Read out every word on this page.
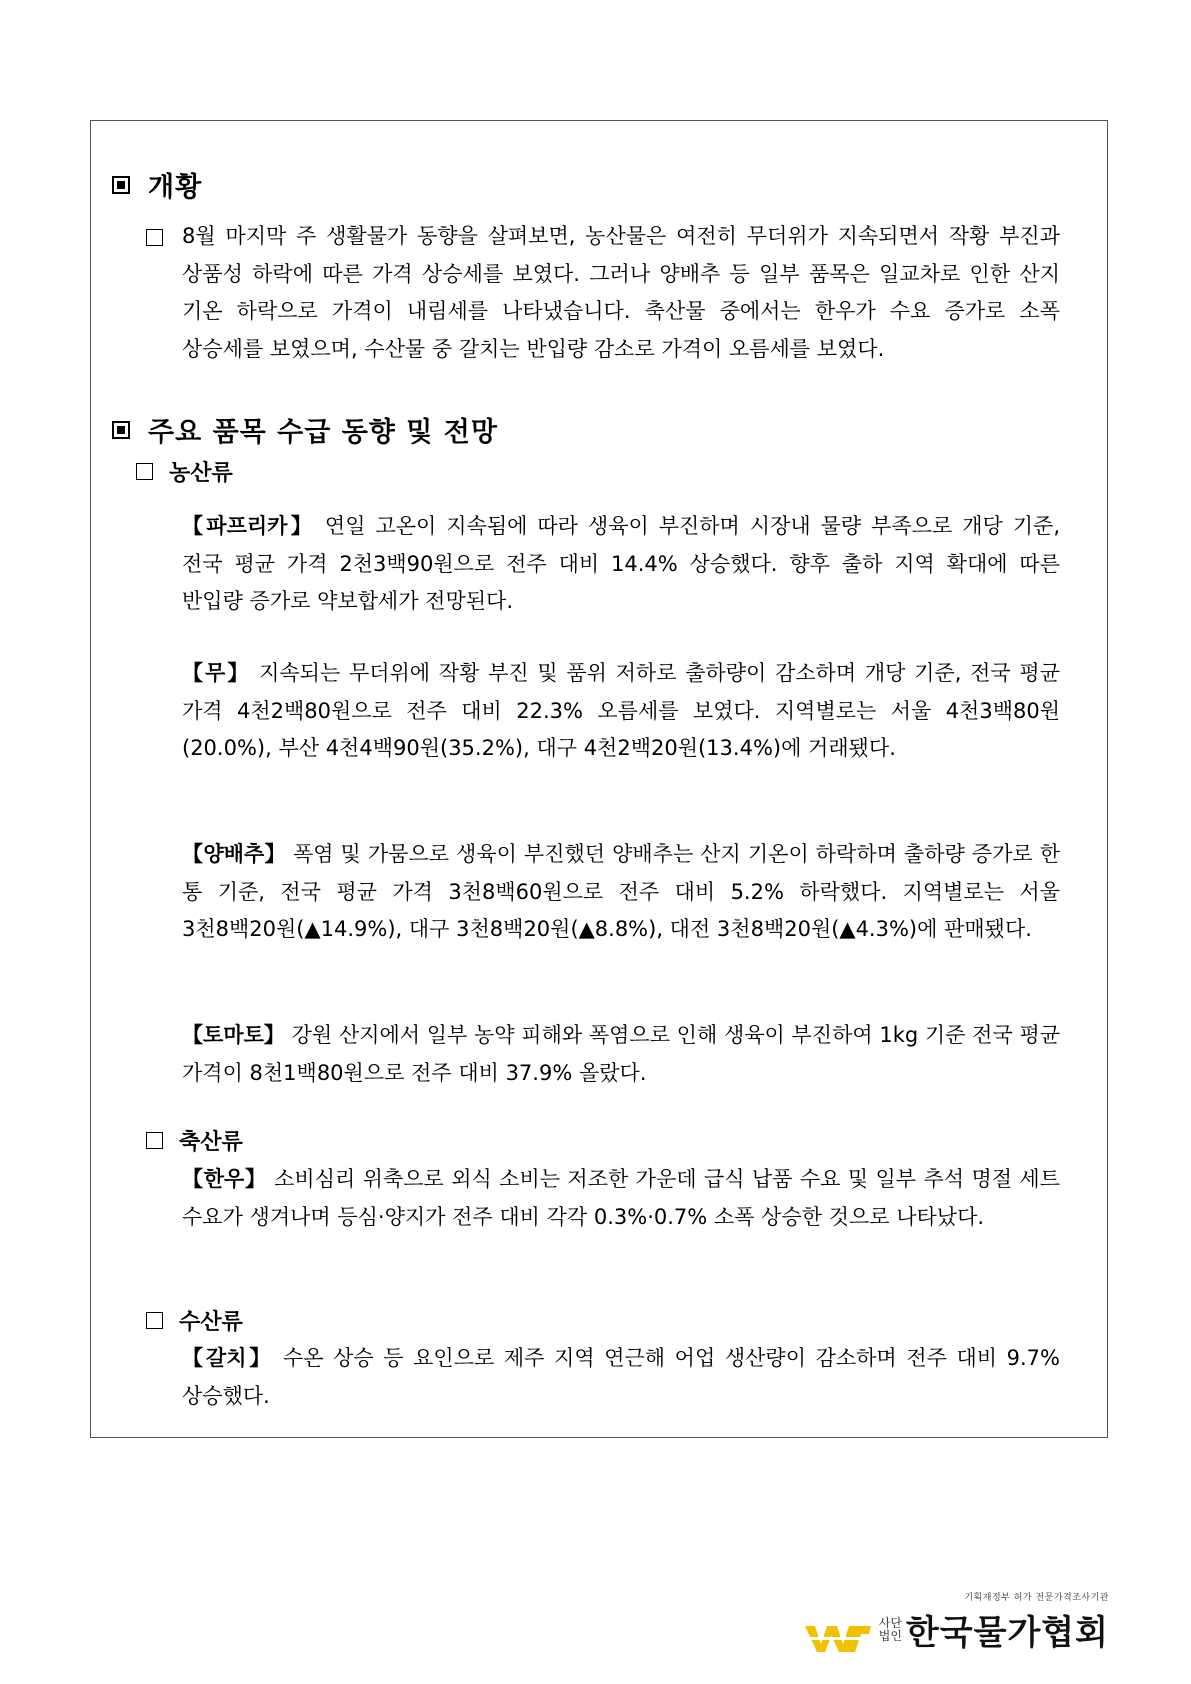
개황
8월 마지막 주 생활물가 동향을 살펴보면, 농산물은 여전히 무더위가 지속되면서 작황 부진과 상품성 하락에 따른 가격 상승세를 보였다. 그러나 양배추 등 일부 품목은 일교차로 인한 산지 기온 하락으로 가격이 내림세를 나타냈습니다. 축산물 중에서는 한우가 수요 증가로 소폭 상승세를 보였으며, 수산물 중 갈치는 반입량 감소로 가격이 오름세를 보였다.
주요 품목 수급 동향 및 전망
농산류
【파프리카】 연일 고온이 지속됨에 따라 생육이 부진하며 시장내 물량 부족으로 개당 기준, 전국 평균 가격 2천3백90원으로 전주 대비 14.4% 상승했다. 향후 출하 지역 확대에 따른 반입량 증가로 약보합세가 전망된다.
【무】 지속되는 무더위에 작황 부진 및 품위 저하로 출하량이 감소하며 개당 기준, 전국 평균 가격 4천2백80원으로 전주 대비 22.3% 오름세를 보였다. 지역별로는 서울 4천3백80원(20.0%), 부산 4천4백90원(35.2%), 대구 4천2백20원(13.4%)에 거래됐다.
【양배추】 폭염 및 가뭄으로 생육이 부진했던 양배추는 산지 기온이 하락하며 출하량 증가로 한 통 기준, 전국 평균 가격 3천8백60원으로 전주 대비 5.2% 하락했다. 지역별로는 서울 3천8백20원(▲14.9%), 대구 3천8백20원(▲8.8%), 대전 3천8백20원(▲4.3%)에 판매됐다.
【토마토】 강원 산지에서 일부 농약 피해와 폭염으로 인해 생육이 부진하여 1kg 기준 전국 평균 가격이 8천1백80원으로 전주 대비 37.9% 올랐다.
축산류
【한우】 소비심리 위축으로 외식 소비는 저조한 가운데 급식 납품 수요 및 일부 추석 명절 세트 수요가 생겨나며 등심·양지가 전주 대비 각각 0.3%·0.7% 소폭 상승한 것으로 나타났다.
수산류
【갈치】 수온 상승 등 요인으로 제주 지역 연근해 어업 생산량이 감소하며 전주 대비 9.7% 상승했다.
기획재정부 허가 전문가격조사기관
사단
법인 한국물가협회
